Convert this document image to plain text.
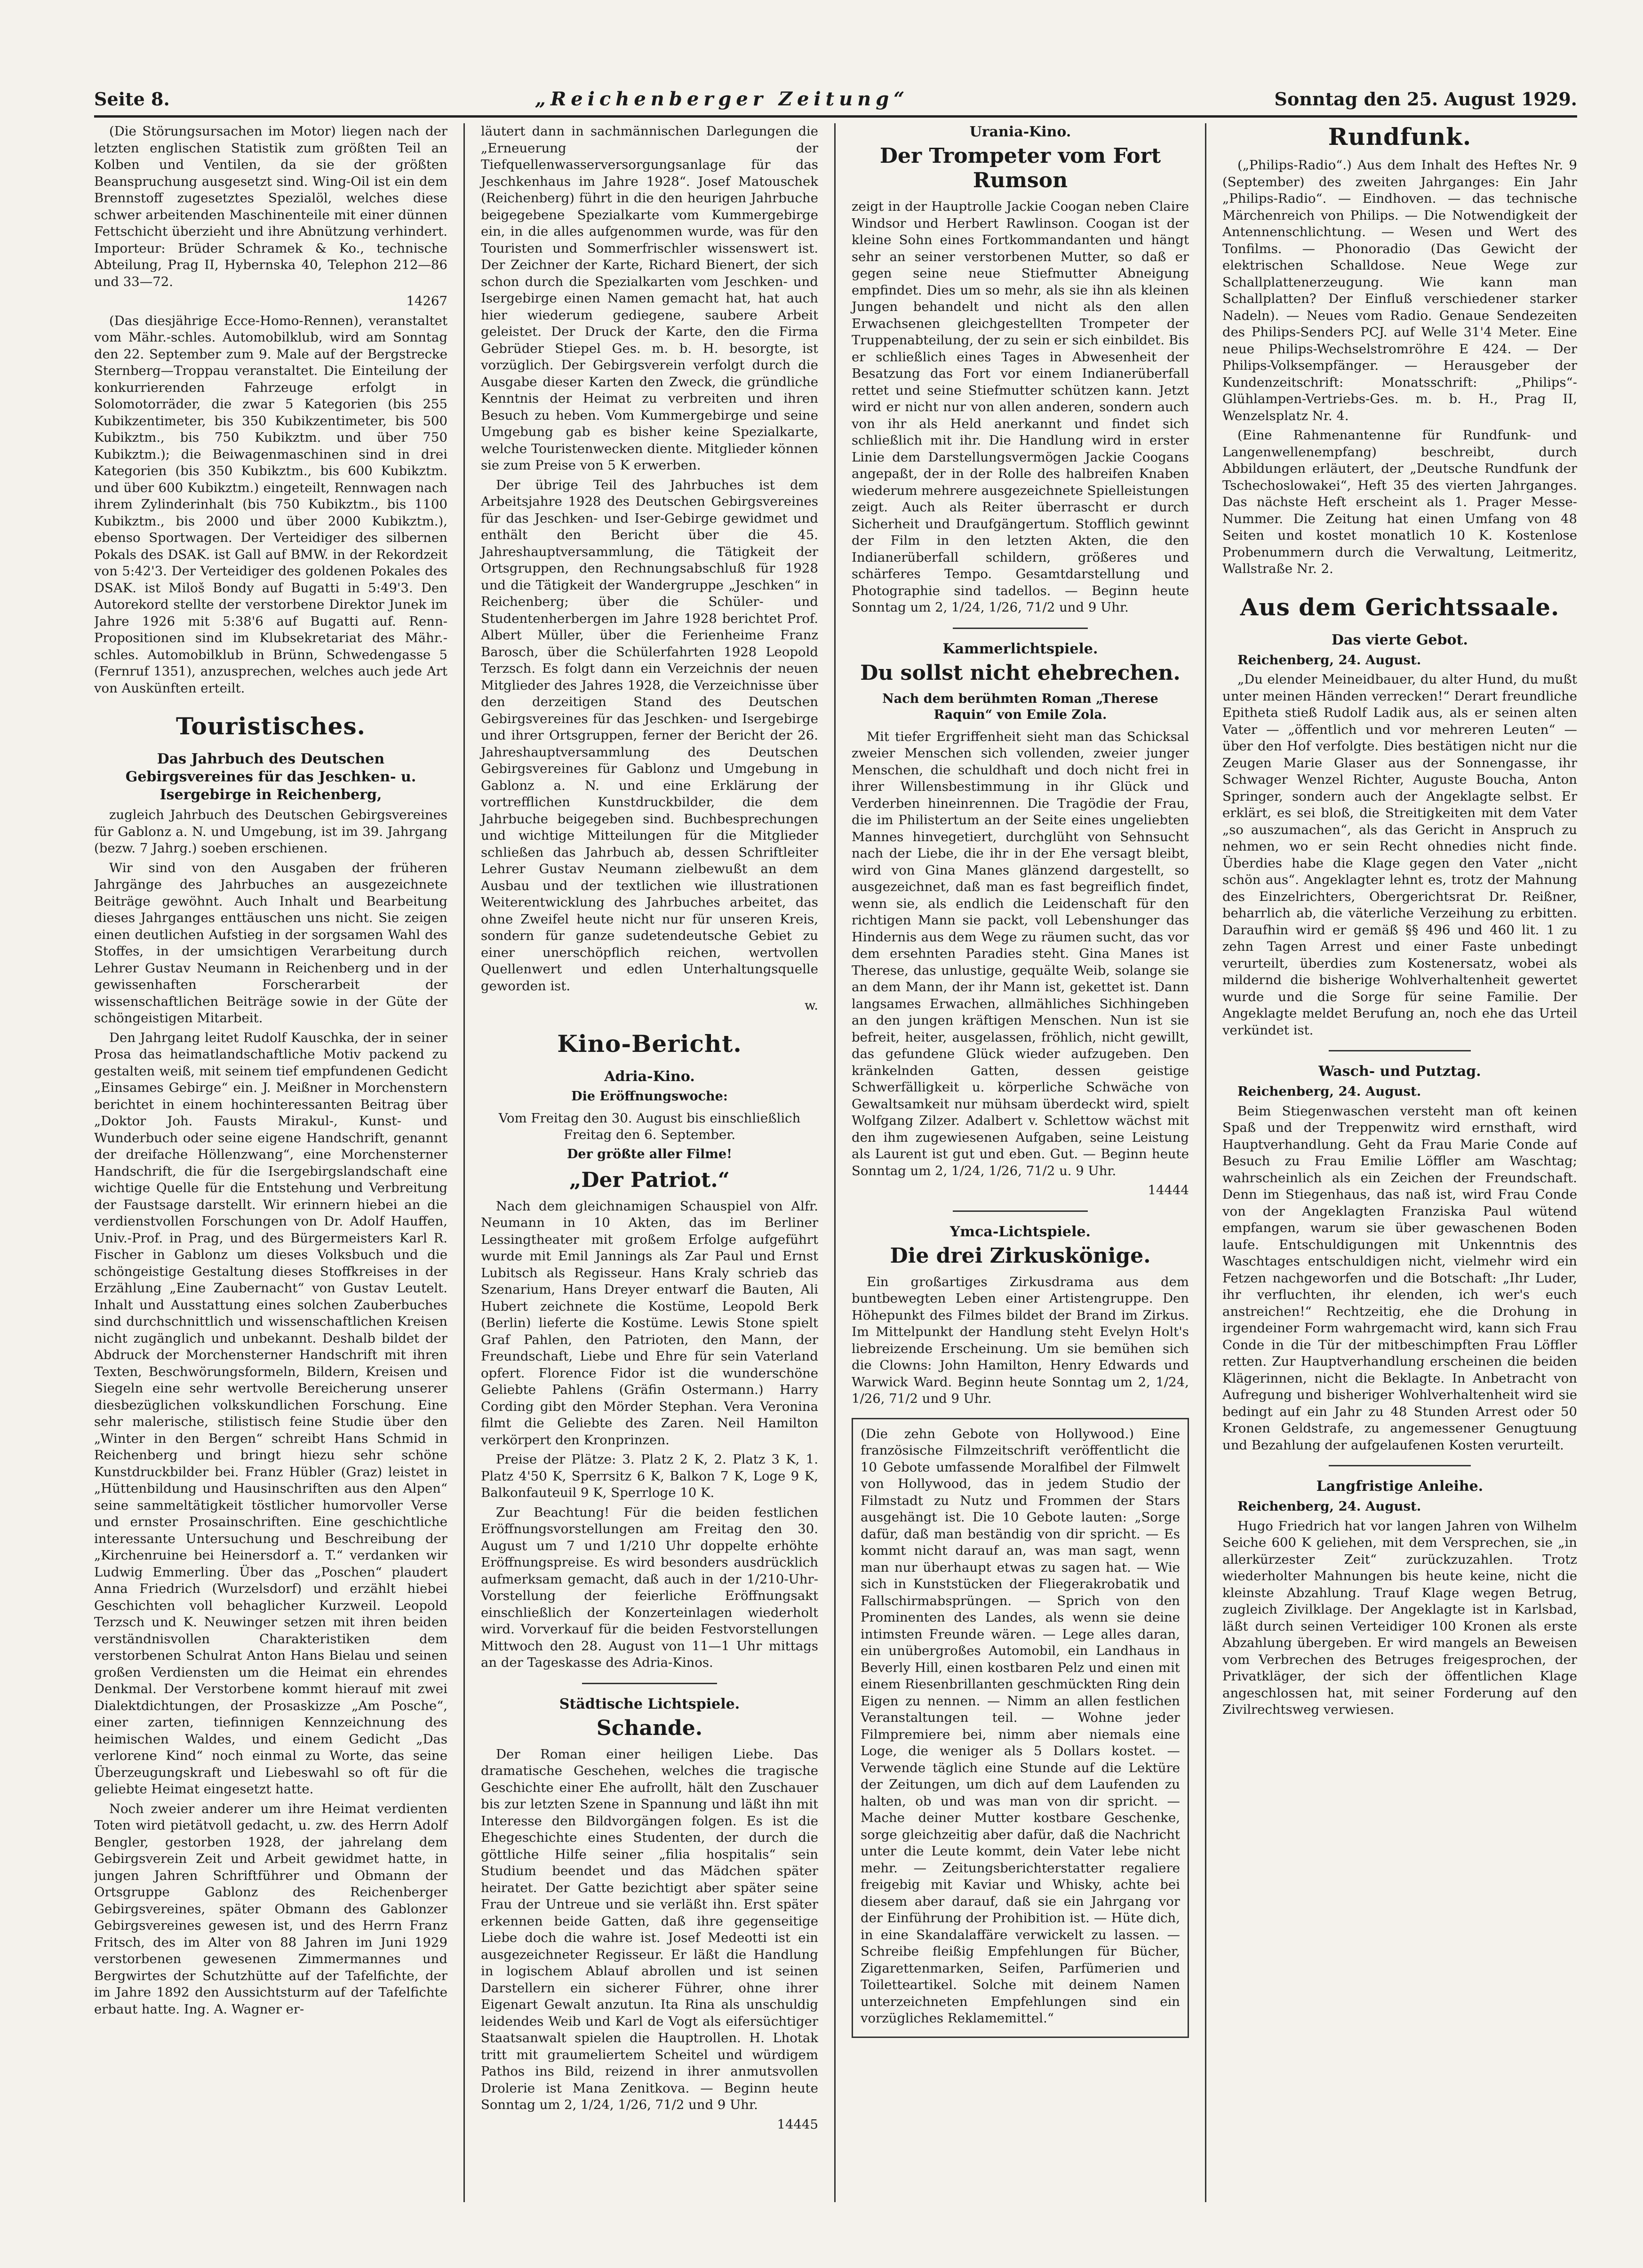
Seite 8.	„Reichenberger Zeitung“	Sonntag den 25. August 1929.

(Die Störungsursachen im Motor) liegen nach der letzten englischen Statistik zum größten Teil an Kolben und Ventilen, da sie der größten Beanspruchung ausgesetzt sind. Wing-Oil ist ein dem Brennstoff zugesetztes Spezialöl, welches diese schwer arbeitenden Maschinenteile mit einer dünnen Fettschicht überzieht und ihre Abnützung verhindert. Importeur: Brüder Schramek & Ko., technische Abteilung, Prag II, Hybernska 40, Telephon 212—86 und 33—72.

14267

(Das diesjährige Ecce-Homo-Rennen), veranstaltet vom Mähr.-schles. Automobilklub, wird am Sonntag den 22. September zum 9. Male auf der Bergstrecke Sternberg—Troppau veranstaltet. Die Einteilung der konkurrierenden Fahrzeuge erfolgt in Solomotorräder, die zwar 5 Kategorien (bis 255 Kubikzentimeter, bis 350 Kubikzentimeter, bis 500 Kubikztm., bis 750 Kubikztm. und über 750 Kubikztm.); die Beiwagenmaschinen sind in drei Kategorien (bis 350 Kubikztm., bis 600 Kubikztm. und über 600 Kubikztm.) eingeteilt, Rennwagen nach ihrem Zylinderinhalt (bis 750 Kubikztm., bis 1100 Kubikztm., bis 2000 und über 2000 Kubikztm.), ebenso Sportwagen. Der Verteidiger des silbernen Pokals des DSAK. ist Gall auf BMW. in der Rekordzeit von 5:42'3. Der Verteidiger des goldenen Pokales des DSAK. ist Miloš Bondy auf Bugatti in 5:49'3. Den Autorekord stellte der verstorbene Direktor Junek im Jahre 1926 mit 5:38'6 auf Bugatti auf. Renn-Propositionen sind im Klubsekretariat des Mähr.-schles. Automobilklub in Brünn, Schwedengasse 5 (Fernruf 1351), anzusprechen, welches auch jede Art von Auskünften erteilt.

Touristisches.
Das Jahrbuch des Deutschen Gebirgsvereines für das Jeschken- u. Isergebirge in Reichenberg,

zugleich Jahrbuch des Deutschen Gebirgsvereines für Gablonz a. N. und Umgebung, ist im 39. Jahrgang (bezw. 7 Jahrg.) soeben erschienen.

Wir sind von den Ausgaben der früheren Jahrgänge des Jahrbuches an ausgezeichnete Beiträge gewöhnt. Auch Inhalt und Bearbeitung dieses Jahrganges enttäuschen uns nicht. Sie zeigen einen deutlichen Aufstieg in der sorgsamen Wahl des Stoffes, in der umsichtigen Verarbeitung durch Lehrer Gustav Neumann in Reichenberg und in der gewissenhaften Forscherarbeit der wissenschaftlichen Beiträge sowie in der Güte der schöngeistigen Mitarbeit.

Den Jahrgang leitet Rudolf Kauschka, der in seiner Prosa das heimatlandschaftliche Motiv packend zu gestalten weiß, mit seinem tief empfundenen Gedicht „Einsames Gebirge“ ein. J. Meißner in Morchenstern berichtet in einem hochinteressanten Beitrag über „Doktor Joh. Fausts Mirakul-, Kunst- und Wunderbuch oder seine eigene Handschrift, genannt der dreifache Höllenzwang“, eine Morchensterner Handschrift, die für die Isergebirgslandschaft eine wichtige Quelle für die Entstehung und Verbreitung der Faustsage darstellt. Wir erinnern hiebei an die verdienstvollen Forschungen von Dr. Adolf Hauffen, Univ.-Prof. in Prag, und des Bürgermeisters Karl R. Fischer in Gablonz um dieses Volksbuch und die schöngeistige Gestaltung dieses Stoffkreises in der Erzählung „Eine Zaubernacht“ von Gustav Leutelt. Inhalt und Ausstattung eines solchen Zauberbuches sind durchschnittlich und wissenschaftlichen Kreisen nicht zugänglich und unbekannt. Deshalb bildet der Abdruck der Morchensterner Handschrift mit ihren Texten, Beschwörungsformeln, Bildern, Kreisen und Siegeln eine sehr wertvolle Bereicherung unserer diesbezüglichen volkskundlichen Forschung. Eine sehr malerische, stilistisch feine Studie über den „Winter in den Bergen“ schreibt Hans Schmid in Reichenberg und bringt hiezu sehr schöne Kunstdruckbilder bei. Franz Hübler (Graz) leistet in „Hüttenbildung und Hausinschriften aus den Alpen“ seine sammeltätigkeit töstlicher humorvoller Verse und ernster Prosainschriften. Eine geschichtliche interessante Untersuchung und Beschreibung der „Kirchenruine bei Heinersdorf a. T.“ verdanken wir Ludwig Emmerling. Über das „Poschen“ plaudert Anna Friedrich (Wurzelsdorf) und erzählt hiebei Geschichten voll behaglicher Kurzweil. Leopold Terzsch und K. Neuwinger setzen mit ihren beiden verständnisvollen Charakteristiken dem verstorbenen Schulrat Anton Hans Bielau und seinen großen Verdiensten um die Heimat ein ehrendes Denkmal. Der Verstorbene kommt hierauf mit zwei Dialektdichtungen, der Prosaskizze „Am Posche“, einer zarten, tiefinnigen Kennzeichnung des heimischen Waldes, und einem Gedicht „Das verlorene Kind“ noch einmal zu Worte, das seine Überzeugungskraft und Liebeswahl so oft für die geliebte Heimat eingesetzt hatte.

Noch zweier anderer um ihre Heimat verdienten Toten wird pietätvoll gedacht, u. zw. des Herrn Adolf Bengler, gestorben 1928, der jahrelang dem Gebirgsverein Zeit und Arbeit gewidmet hatte, in jungen Jahren Schriftführer und Obmann der Ortsgruppe Gablonz des Reichenberger Gebirgsvereines, später Obmann des Gablonzer Gebirgsvereines gewesen ist, und des Herrn Franz Fritsch, des im Alter von 88 Jahren im Juni 1929 verstorbenen gewesenen Zimmermannes und Bergwirtes der Schutzhütte auf der Tafelfichte, der im Jahre 1892 den Aussichtsturm auf der Tafelfichte erbaut hatte. Ing. A. Wagner er-

läutert dann in sachmännischen Darlegungen die „Erneuerung der Tiefquellenwasserversorgungsanlage für das Jeschkenhaus im Jahre 1928“. Josef Matouschek (Reichenberg) führt in die den heurigen Jahrbuche beigegebene Spezialkarte vom Kummergebirge ein, in die alles aufgenommen wurde, was für den Touristen und Sommerfrischler wissenswert ist. Der Zeichner der Karte, Richard Bienert, der sich schon durch die Spezialkarten vom Jeschken- und Isergebirge einen Namen gemacht hat, hat auch hier wiederum gediegene, saubere Arbeit geleistet. Der Druck der Karte, den die Firma Gebrüder Stiepel Ges. m. b. H. besorgte, ist vorzüglich. Der Gebirgsverein verfolgt durch die Ausgabe dieser Karten den Zweck, die gründliche Kenntnis der Heimat zu verbreiten und ihren Besuch zu heben. Vom Kummergebirge und seine Umgebung gab es bisher keine Spezialkarte, welche Touristenwecken diente. Mitglieder können sie zum Preise von 5 K erwerben.

Der übrige Teil des Jahrbuches ist dem Arbeitsjahre 1928 des Deutschen Gebirgsvereines für das Jeschken- und Iser-Gebirge gewidmet und enthält den Bericht über die 45. Jahreshauptversammlung, die Tätigkeit der Ortsgruppen, den Rechnungsabschluß für 1928 und die Tätigkeit der Wandergruppe „Jeschken“ in Reichenberg; über die Schüler- und Studentenherbergen im Jahre 1928 berichtet Prof. Albert Müller, über die Ferienheime Franz Barosch, über die Schülerfahrten 1928 Leopold Terzsch. Es folgt dann ein Verzeichnis der neuen Mitglieder des Jahres 1928, die Verzeichnisse über den derzeitigen Stand des Deutschen Gebirgsvereines für das Jeschken- und Isergebirge und ihrer Ortsgruppen, ferner der Bericht der 26. Jahreshauptversammlung des Deutschen Gebirgsvereines für Gablonz und Umgebung in Gablonz a. N. und eine Erklärung der vortrefflichen Kunstdruckbilder, die dem Jahrbuche beigegeben sind. Buchbesprechungen und wichtige Mitteilungen für die Mitglieder schließen das Jahrbuch ab, dessen Schriftleiter Lehrer Gustav Neumann zielbewußt an dem Ausbau und der textlichen wie illustrationen Weiterentwicklung des Jahrbuches arbeitet, das ohne Zweifel heute nicht nur für unseren Kreis, sondern für ganze sudetendeutsche Gebiet zu einer unerschöpflich reichen, wertvollen Quellenwert und edlen Unterhaltungsquelle geworden ist.

w.

Kino-Bericht.
Adria-Kino.
Die Eröffnungswoche:

Vom Freitag den 30. August bis einschließlich Freitag den 6. September.

Der größte aller Filme!
„Der Patriot.“

Nach dem gleichnamigen Schauspiel von Alfr. Neumann in 10 Akten, das im Berliner Lessingtheater mit großem Erfolge aufgeführt wurde mit Emil Jannings als Zar Paul und Ernst Lubitsch als Regisseur. Hans Kraly schrieb das Szenarium, Hans Dreyer entwarf die Bauten, Ali Hubert zeichnete die Kostüme, Leopold Berk (Berlin) lieferte die Kostüme. Lewis Stone spielt Graf Pahlen, den Patrioten, den Mann, der Freundschaft, Liebe und Ehre für sein Vaterland opfert. Florence Fidor ist die wunderschöne Geliebte Pahlens (Gräfin Ostermann.) Harry Cording gibt den Mörder Stephan. Vera Veronina filmt die Geliebte des Zaren. Neil Hamilton verkörpert den Kronprinzen.

Preise der Plätze: 3. Platz 2 K, 2. Platz 3 K, 1. Platz 4'50 K, Sperrsitz 6 K, Balkon 7 K, Loge 9 K, Balkonfauteuil 9 K, Sperrloge 10 K.

Zur Beachtung! Für die beiden festlichen Eröffnungsvorstellungen am Freitag den 30. August um 7 und 1/210 Uhr doppelte erhöhte Eröffnungspreise. Es wird besonders ausdrücklich aufmerksam gemacht, daß auch in der 1/210-Uhr-Vorstellung der feierliche Eröffnungsakt einschließlich der Konzerteinlagen wiederholt wird. Vorverkauf für die beiden Festvorstellungen Mittwoch den 28. August von 11—1 Uhr mittags an der Tageskasse des Adria-Kinos.

Städtische Lichtspiele.
Schande.

Der Roman einer heiligen Liebe. Das dramatische Geschehen, welches die tragische Geschichte einer Ehe aufrollt, hält den Zuschauer bis zur letzten Szene in Spannung und läßt ihn mit Interesse den Bildvorgängen folgen. Es ist die Ehegeschichte eines Studenten, der durch die göttliche Hilfe seiner „filia hospitalis“ sein Studium beendet und das Mädchen später heiratet. Der Gatte bezichtigt aber später seine Frau der Untreue und sie verläßt ihn. Erst später erkennen beide Gatten, daß ihre gegenseitige Liebe doch die wahre ist. Josef Medeotti ist ein ausgezeichneter Regisseur. Er läßt die Handlung in logischem Ablauf abrollen und ist seinen Darstellern ein sicherer Führer, ohne ihrer Eigenart Gewalt anzutun. Ita Rina als unschuldig leidendes Weib und Karl de Vogt als eifersüchtiger Staatsanwalt spielen die Hauptrollen. H. Lhotak tritt mit graumeliertem Scheitel und würdigem Pathos ins Bild, reizend in ihrer anmutsvollen Drolerie ist Mana Zenitkova. — Beginn heute Sonntag um 2, 1/24, 1/26, 71/2 und 9 Uhr.

14445

Urania-Kino.
Der Trompeter vom Fort Rumson

zeigt in der Hauptrolle Jackie Coogan neben Claire Windsor und Herbert Rawlinson. Coogan ist der kleine Sohn eines Fortkommandanten und hängt sehr an seiner verstorbenen Mutter, so daß er gegen seine neue Stiefmutter Abneigung empfindet. Dies um so mehr, als sie ihn als kleinen Jungen behandelt und nicht als den allen Erwachsenen gleichgestellten Trompeter der Truppenabteilung, der zu sein er sich einbildet. Bis er schließlich eines Tages in Abwesenheit der Besatzung das Fort vor einem Indianerüberfall rettet und seine Stiefmutter schützen kann. Jetzt wird er nicht nur von allen anderen, sondern auch von ihr als Held anerkannt und findet sich schließlich mit ihr. Die Handlung wird in erster Linie dem Darstellungsvermögen Jackie Coogans angepaßt, der in der Rolle des halbreifen Knaben wiederum mehrere ausgezeichnete Spielleistungen zeigt. Auch als Reiter überrascht er durch Sicherheit und Draufgängertum. Stofflich gewinnt der Film in den letzten Akten, die den Indianerüberfall schildern, größeres und schärferes Tempo. Gesamtdarstellung und Photographie sind tadellos. — Beginn heute Sonntag um 2, 1/24, 1/26, 71/2 und 9 Uhr.

Kammerlichtspiele.
Du sollst nicht ehebrechen.
Nach dem berühmten Roman „Therese Raquin“ von Emile Zola.

Mit tiefer Ergriffenheit sieht man das Schicksal zweier Menschen sich vollenden, zweier junger Menschen, die schuldhaft und doch nicht frei in ihrer Willensbestimmung in ihr Glück und Verderben hineinrennen. Die Tragödie der Frau, die im Philistertum an der Seite eines ungeliebten Mannes hinvegetiert, durchglüht von Sehnsucht nach der Liebe, die ihr in der Ehe versagt bleibt, wird von Gina Manes glänzend dargestellt, so ausgezeichnet, daß man es fast begreiflich findet, wenn sie, als endlich die Leidenschaft für den richtigen Mann sie packt, voll Lebenshunger das Hindernis aus dem Wege zu räumen sucht, das vor dem ersehnten Paradies steht. Gina Manes ist Therese, das unlustige, gequälte Weib, solange sie an dem Mann, der ihr Mann ist, gekettet ist. Dann langsames Erwachen, allmähliches Sichhingeben an den jungen kräftigen Menschen. Nun ist sie befreit, heiter, ausgelassen, fröhlich, nicht gewillt, das gefundene Glück wieder aufzugeben. Den kränkelnden Gatten, dessen geistige Schwerfälligkeit u. körperliche Schwäche von Gewaltsamkeit nur mühsam überdeckt wird, spielt Wolfgang Zilzer. Adalbert v. Schlettow wächst mit den ihm zugewiesenen Aufgaben, seine Leistung als Laurent ist gut und eben. Gut. — Beginn heute Sonntag um 2, 1/24, 1/26, 71/2 u. 9 Uhr.

14444

Ymca-Lichtspiele.
Die drei Zirkuskönige.

Ein großartiges Zirkusdrama aus dem buntbewegten Leben einer Artistengruppe. Den Höhepunkt des Filmes bildet der Brand im Zirkus. Im Mittelpunkt der Handlung steht Evelyn Holt's liebreizende Erscheinung. Um sie bemühen sich die Clowns: John Hamilton, Henry Edwards und Warwick Ward. Beginn heute Sonntag um 2, 1/24, 1/26, 71/2 und 9 Uhr.

(Die zehn Gebote von Hollywood.) Eine französische Filmzeitschrift veröffentlicht die 10 Gebote umfassende Moralfibel der Filmwelt von Hollywood, das in jedem Studio der Filmstadt zu Nutz und Frommen der Stars ausgehängt ist. Die 10 Gebote lauten: „Sorge dafür, daß man beständig von dir spricht. — Es kommt nicht darauf an, was man sagt, wenn man nur überhaupt etwas zu sagen hat. — Wie sich in Kunststücken der Fliegerakrobatik und Fallschirmabsprüngen. — Sprich von den Prominenten des Landes, als wenn sie deine intimsten Freunde wären. — Lege alles daran, ein unübergroßes Automobil, ein Landhaus in Beverly Hill, einen kostbaren Pelz und einen mit einem Riesenbrillanten geschmückten Ring dein Eigen zu nennen. — Nimm an allen festlichen Veranstaltungen teil. — Wohne jeder Filmpremiere bei, nimm aber niemals eine Loge, die weniger als 5 Dollars kostet. — Verwende täglich eine Stunde auf die Lektüre der Zeitungen, um dich auf dem Laufenden zu halten, ob und was man von dir spricht. — Mache deiner Mutter kostbare Geschenke, sorge gleichzeitig aber dafür, daß die Nachricht unter die Leute kommt, dein Vater lebe nicht mehr. — Zeitungsberichterstatter regaliere freigebig mit Kaviar und Whisky, achte bei diesem aber darauf, daß sie ein Jahrgang vor der Einführung der Prohibition ist. — Hüte dich, in eine Skandalaffäre verwickelt zu lassen. — Schreibe fleißig Empfehlungen für Bücher, Zigarettenmarken, Seifen, Parfümerien und Toiletteartikel. Solche mit deinem Namen unterzeichneten Empfehlungen sind ein vorzügliches Reklamemittel.“

Rundfunk.

(„Philips-Radio“.) Aus dem Inhalt des Heftes Nr. 9 (September) des zweiten Jahrganges: Ein Jahr „Philips-Radio“. — Eindhoven. — das technische Märchenreich von Philips. — Die Notwendigkeit der Antennenschlichtung. — Wesen und Wert des Tonfilms. — Phonoradio (Das Gewicht der elektrischen Schalldose. Neue Wege zur Schallplattenerzeugung. Wie kann man Schallplatten? Der Einfluß verschiedener starker Nadeln). — Neues vom Radio. Genaue Sendezeiten des Philips-Senders PCJ. auf Welle 31'4 Meter. Eine neue Philips-Wechselstromröhre E 424. — Der Philips-Volksempfänger. — Herausgeber der Kundenzeitschrift: Monatsschrift: „Philips“-Glühlampen-Vertriebs-Ges. m. b. H., Prag II, Wenzelsplatz Nr. 4.

(Eine Rahmenantenne für Rundfunk- und Langenwellenempfang) beschreibt, durch Abbildungen erläutert, der „Deutsche Rundfunk der Tschechoslowakei“, Heft 35 des vierten Jahrganges. Das nächste Heft erscheint als 1. Prager Messe-Nummer. Die Zeitung hat einen Umfang von 48 Seiten und kostet monatlich 10 K. Kostenlose Probenummern durch die Verwaltung, Leitmeritz, Wallstraße Nr. 2.

Aus dem Gerichtssaale.
Das vierte Gebot.

Reichenberg, 24. August.

„Du elender Meineidbauer, du alter Hund, du mußt unter meinen Händen verrecken!“ Derart freundliche Epitheta stieß Rudolf Ladik aus, als er seinen alten Vater — „öffentlich und vor mehreren Leuten“ — über den Hof verfolgte. Dies bestätigen nicht nur die Zeugen Marie Glaser aus der Sonnengasse, ihr Schwager Wenzel Richter, Auguste Boucha, Anton Springer, sondern auch der Angeklagte selbst. Er erklärt, es sei bloß, die Streitigkeiten mit dem Vater „so auszumachen“, als das Gericht in Anspruch zu nehmen, wo er sein Recht ohnedies nicht finde. Überdies habe die Klage gegen den Vater „nicht schön aus“. Angeklagter lehnt es, trotz der Mahnung des Einzelrichters, Obergerichtsrat Dr. Reißner, beharrlich ab, die väterliche Verzeihung zu erbitten. Daraufhin wird er gemäß §§ 496 und 460 lit. 1 zu zehn Tagen Arrest und einer Faste unbedingt verurteilt, überdies zum Kostenersatz, wobei als mildernd die bisherige Wohlverhaltenheit gewertet wurde und die Sorge für seine Familie. Der Angeklagte meldet Berufung an, noch ehe das Urteil verkündet ist.

Wasch- und Putztag.

Reichenberg, 24. August.

Beim Stiegenwaschen versteht man oft keinen Spaß und der Treppenwitz wird ernsthaft, wird Hauptverhandlung. Geht da Frau Marie Conde auf Besuch zu Frau Emilie Löffler am Waschtag; wahrscheinlich als ein Zeichen der Freundschaft. Denn im Stiegenhaus, das naß ist, wird Frau Conde von der Angeklagten Franziska Paul wütend empfangen, warum sie über gewaschenen Boden laufe. Entschuldigungen mit Unkenntnis des Waschtages entschuldigen nicht, vielmehr wird ein Fetzen nachgeworfen und die Botschaft: „Ihr Luder, ihr verfluchten, ihr elenden, ich wer's euch anstreichen!“ Rechtzeitig, ehe die Drohung in irgendeiner Form wahrgemacht wird, kann sich Frau Conde in die Tür der mitbeschimpften Frau Löffler retten. Zur Hauptverhandlung erscheinen die beiden Klägerinnen, nicht die Beklagte. In Anbetracht von Aufregung und bisheriger Wohlverhaltenheit wird sie bedingt auf ein Jahr zu 48 Stunden Arrest oder 50 Kronen Geldstrafe, zu angemessener Genugtuung und Bezahlung der aufgelaufenen Kosten verurteilt.

Langfristige Anleihe.

Reichenberg, 24. August.

Hugo Friedrich hat vor langen Jahren von Wilhelm Seiche 600 K geliehen, mit dem Versprechen, sie „in allerkürzester Zeit“ zurückzuzahlen. Trotz wiederholter Mahnungen bis heute keine, nicht die kleinste Abzahlung. Trauf Klage wegen Betrug, zugleich Zivilklage. Der Angeklagte ist in Karlsbad, läßt durch seinen Verteidiger 100 Kronen als erste Abzahlung übergeben. Er wird mangels an Beweisen vom Verbrechen des Betruges freigesprochen, der Privatkläger, der sich der öffentlichen Klage angeschlossen hat, mit seiner Forderung auf den Zivilrechtsweg verwiesen.
